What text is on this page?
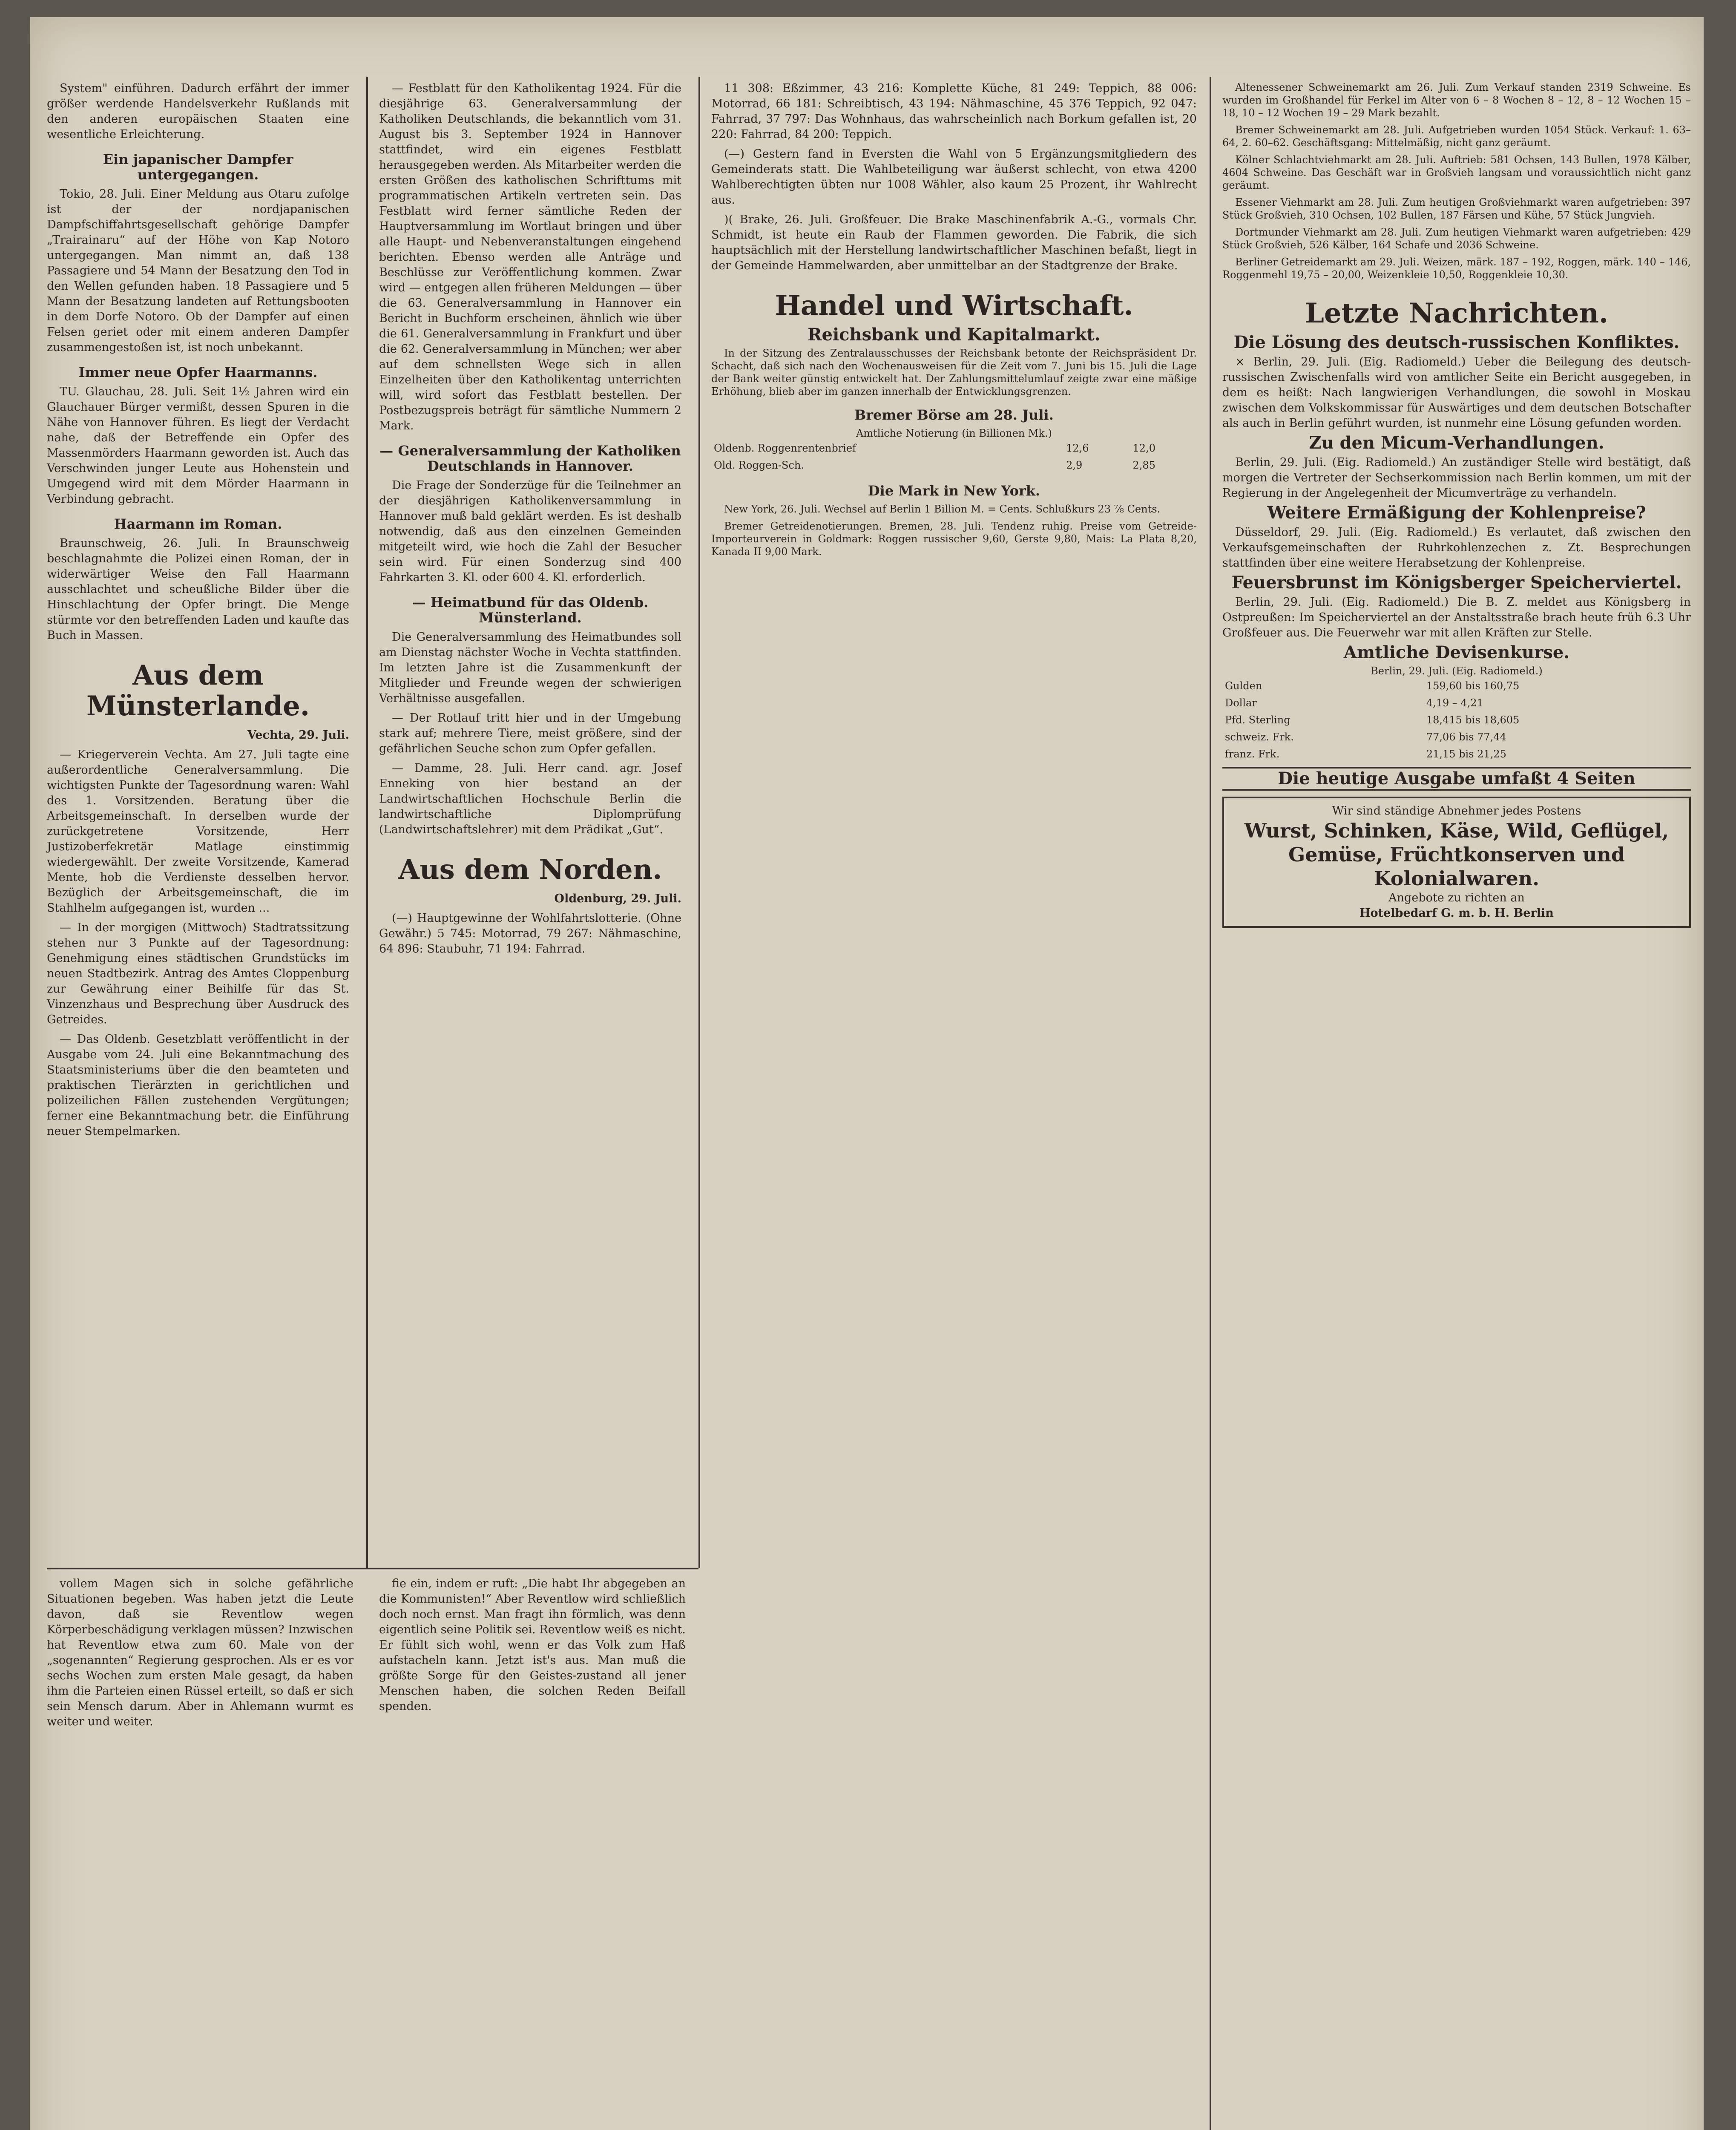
System" einführen. Dadurch erfährt der immer größer werdende Handelsverkehr Rußlands mit den anderen europäischen Staaten eine wesentliche Erleichterung.

Ein japanischer Dampfer untergegangen.

Tokio, 28. Juli. Einer Meldung aus Otaru zufolge ist der der nordjapanischen Dampfschiffahrtsgesellschaft gehörige Dampfer „Trairainaru“ auf der Höhe von Kap Notoro untergegangen. Man nimmt an, daß 138 Passagiere und 54 Mann der Besatzung den Tod in den Wellen gefunden haben. 18 Passagiere und 5 Mann der Besatzung landeten auf Rettungsbooten in dem Dorfe Notoro. Ob der Dampfer auf einen Felsen geriet oder mit einem anderen Dampfer zusammengestoßen ist, ist noch unbekannt.

Immer neue Opfer Haarmanns.

TU. Glauchau, 28. Juli. Seit 1½ Jahren wird ein Glauchauer Bürger vermißt, dessen Spuren in die Nähe von Hannover führen. Es liegt der Verdacht nahe, daß der Betreffende ein Opfer des Massenmörders Haarmann geworden ist. Auch das Verschwinden junger Leute aus Hohenstein und Umgegend wird mit dem Mörder Haarmann in Verbindung gebracht.

Haarmann im Roman.

Braunschweig, 26. Juli. In Braunschweig beschlagnahmte die Polizei einen Roman, der in widerwärtiger Weise den Fall Haarmann ausschlachtet und scheußliche Bilder über die Hinschlachtung der Opfer bringt. Die Menge stürmte vor den betreffenden Laden und kaufte das Buch in Massen.

Aus dem Münsterlande.
Vechta, 29. Juli.

— Kriegerverein Vechta. Am 27. Juli tagte eine außerordentliche Generalversammlung. Die wichtigsten Punkte der Tagesordnung waren: Wahl des 1. Vorsitzenden. Beratung über die Arbeitsgemeinschaft. In derselben wurde der zurückgetretene Vorsitzende, Herr Justizoberfekretär Matlage einstimmig wiedergewählt. Der zweite Vorsitzende, Kamerad Mente, hob die Verdienste desselben hervor. Bezüglich der Arbeitsgemeinschaft, die im Stahlhelm aufgegangen ist, wurden ...

— In der morgigen (Mittwoch) Stadtratssitzung stehen nur 3 Punkte auf der Tagesordnung: Genehmigung eines städtischen Grundstücks im neuen Stadtbezirk. Antrag des Amtes Cloppenburg zur Gewährung einer Beihilfe für das St. Vinzenzhaus und Besprechung über Ausdruck des Getreides.

— Das Oldenb. Gesetzblatt veröffentlicht in der Ausgabe vom 24. Juli eine Bekanntmachung des Staatsministeriums über die den beamteten und praktischen Tierärzten in gerichtlichen und polizeilichen Fällen zustehenden Vergütungen; ferner eine Bekanntmachung betr. die Einführung neuer Stempelmarken.

— Festblatt für den Katholikentag 1924. Für die diesjährige 63. Generalversammlung der Katholiken Deutschlands, die bekanntlich vom 31. August bis 3. September 1924 in Hannover stattfindet, wird ein eigenes Festblatt herausgegeben werden. Als Mitarbeiter werden die ersten Größen des katholischen Schrifttums mit programmatischen Artikeln vertreten sein. Das Festblatt wird ferner sämtliche Reden der Hauptversammlung im Wortlaut bringen und über alle Haupt- und Nebenveranstaltungen eingehend berichten. Ebenso werden alle Anträge und Beschlüsse zur Veröffentlichung kommen. Zwar wird — entgegen allen früheren Meldungen — über die 63. Generalversammlung in Hannover ein Bericht in Buchform erscheinen, ähnlich wie über die 61. Generalversammlung in Frankfurt und über die 62. Generalversammlung in München; wer aber auf dem schnellsten Wege sich in allen Einzelheiten über den Katholikentag unterrichten will, wird sofort das Festblatt bestellen. Der Postbezugspreis beträgt für sämtliche Nummern 2 Mark.

— Generalversammlung der Katholiken Deutschlands in Hannover.

Die Frage der Sonderzüge für die Teilnehmer an der diesjährigen Katholikenversammlung in Hannover muß bald geklärt werden. Es ist deshalb notwendig, daß aus den einzelnen Gemeinden mitgeteilt wird, wie hoch die Zahl der Besucher sein wird. Für einen Sonderzug sind 400 Fahrkarten 3. Kl. oder 600 4. Kl. erforderlich.

— Heimatbund für das Oldenb. Münsterland.

Die Generalversammlung des Heimatbundes soll am Dienstag nächster Woche in Vechta stattfinden. Im letzten Jahre ist die Zusammenkunft der Mitglieder und Freunde wegen der schwierigen Verhältnisse ausgefallen.

— Der Rotlauf tritt hier und in der Umgebung stark auf; mehrere Tiere, meist größere, sind der gefährlichen Seuche schon zum Opfer gefallen.

— Damme, 28. Juli. Herr cand. agr. Josef Enneking von hier bestand an der Landwirtschaftlichen Hochschule Berlin die landwirtschaftliche Diplomprüfung (Landwirtschaftslehrer) mit dem Prädikat „Gut“.

Aus dem Norden.
Oldenburg, 29. Juli.

(—) Hauptgewinne der Wohlfahrtslotterie. (Ohne Gewähr.) 5 745: Motorrad, 79 267: Nähmaschine, 64 896: Staubuhr, 71 194: Fahrrad.

11 308: Eßzimmer, 43 216: Komplette Küche, 81 249: Teppich, 88 006: Motorrad, 66 181: Schreibtisch, 43 194: Nähmaschine, 45 376 Teppich, 92 047: Fahrrad, 37 797: Das Wohnhaus, das wahrscheinlich nach Borkum gefallen ist, 20 220: Fahrrad, 84 200: Teppich.

(—) Gestern fand in Eversten die Wahl von 5 Ergänzungsmitgliedern des Gemeinderats statt. Die Wahlbeteiligung war äußerst schlecht, von etwa 4200 Wahlberechtigten übten nur 1008 Wähler, also kaum 25 Prozent, ihr Wahlrecht aus.

)( Brake, 26. Juli. Großfeuer. Die Brake Maschinenfabrik A.-G., vormals Chr. Schmidt, ist heute ein Raub der Flammen geworden. Die Fabrik, die sich hauptsächlich mit der Herstellung landwirtschaftlicher Maschinen befaßt, liegt in der Gemeinde Hammelwarden, aber unmittelbar an der Stadtgrenze der Brake.

Handel und Wirtschaft.
Reichsbank und Kapitalmarkt.

In der Sitzung des Zentralausschusses der Reichsbank betonte der Reichspräsident Dr. Schacht, daß sich nach den Wochenausweisen für die Zeit vom 7. Juni bis 15. Juli die Lage der Bank weiter günstig entwickelt hat. Der Zahlungsmittelumlauf zeigte zwar eine mäßige Erhöhung, blieb aber im ganzen innerhalb der Entwicklungsgrenzen.

Bremer Börse am 28. Juli.
Amtliche Notierung (in Billionen Mk.)
Oldenb. Roggenrentenbrief	12,6	12,0
Old. Roggen-Sch.	2,9	2,85
Die Mark in New York.

New York, 26. Juli. Wechsel auf Berlin 1 Billion M. = Cents. Schlußkurs 23 ⅞ Cents.

Bremer Getreidenotierungen. Bremen, 28. Juli. Tendenz ruhig. Preise vom Getreide-Importeurverein in Goldmark: Roggen russischer 9,60, Gerste 9,80, Mais: La Plata 8,20, Kanada II 9,00 Mark.

Altenessener Schweinemarkt am 26. Juli. Zum Verkauf standen 2319 Schweine. Es wurden im Großhandel für Ferkel im Alter von 6 – 8 Wochen 8 – 12, 8 – 12 Wochen 15 – 18, 10 – 12 Wochen 19 – 29 Mark bezahlt.

Bremer Schweinemarkt am 28. Juli. Aufgetrieben wurden 1054 Stück. Verkauf: 1. 63–64, 2. 60–62. Geschäftsgang: Mittelmäßig, nicht ganz geräumt.

Kölner Schlachtviehmarkt am 28. Juli. Auftrieb: 581 Ochsen, 143 Bullen, 1978 Kälber, 4604 Schweine. Das Geschäft war in Großvieh langsam und voraussichtlich nicht ganz geräumt.

Essener Viehmarkt am 28. Juli. Zum heutigen Großviehmarkt waren aufgetrieben: 397 Stück Großvieh, 310 Ochsen, 102 Bullen, 187 Färsen und Kühe, 57 Stück Jungvieh.

Dortmunder Viehmarkt am 28. Juli. Zum heutigen Viehmarkt waren aufgetrieben: 429 Stück Großvieh, 526 Kälber, 164 Schafe und 2036 Schweine.

Berliner Getreidemarkt am 29. Juli. Weizen, märk. 187 – 192, Roggen, märk. 140 – 146, Roggenmehl 19,75 – 20,00, Weizenkleie 10,50, Roggenkleie 10,30.

Letzte Nachrichten.
Die Lösung des deutsch-russischen Konfliktes.

× Berlin, 29. Juli. (Eig. Radiomeld.) Ueber die Beilegung des deutsch-russischen Zwischenfalls wird von amtlicher Seite ein Bericht ausgegeben, in dem es heißt: Nach langwierigen Verhandlungen, die sowohl in Moskau zwischen dem Volkskommissar für Auswärtiges und dem deutschen Botschafter als auch in Berlin geführt wurden, ist nunmehr eine Lösung gefunden worden.

Zu den Micum-Verhandlungen.

Berlin, 29. Juli. (Eig. Radiomeld.) An zuständiger Stelle wird bestätigt, daß morgen die Vertreter der Sechserkommission nach Berlin kommen, um mit der Regierung in der Angelegenheit der Micumverträge zu verhandeln.

Weitere Ermäßigung der Kohlenpreise?

Düsseldorf, 29. Juli. (Eig. Radiomeld.) Es verlautet, daß zwischen den Verkaufsgemeinschaften der Ruhrkohlenzechen z. Zt. Besprechungen stattfinden über eine weitere Herabsetzung der Kohlenpreise.

Feuersbrunst im Königsberger Speicherviertel.

Berlin, 29. Juli. (Eig. Radiomeld.) Die B. Z. meldet aus Königsberg in Ostpreußen: Im Speicherviertel an der Anstaltsstraße brach heute früh 6.3 Uhr Großfeuer aus. Die Feuerwehr war mit allen Kräften zur Stelle.

Amtliche Devisenkurse.
Berlin, 29. Juli. (Eig. Radiomeld.)
Gulden	159,60 bis 160,75
Dollar	4,19 – 4,21
Pfd. Sterling	18,415 bis 18,605
schweiz. Frk.	77,06 bis 77,44
franz. Frk.	21,15 bis 21,25
Die heutige Ausgabe umfaßt 4 Seiten
Wir sind ständige Abnehmer jedes Postens
Wurst, Schinken, Käse, Wild, Geflügel, Gemüse, Früchtkonserven und Kolonialwaren.
Angebote zu richten an
Hotelbedarf G. m. b. H. Berlin

vollem Magen sich in solche gefährliche Situationen begeben. Was haben jetzt die Leute davon, daß sie Reventlow wegen Körperbeschädigung verklagen müssen? Inzwischen hat Reventlow etwa zum 60. Male von der „sogenannten“ Regierung gesprochen. Als er es vor sechs Wochen zum ersten Male gesagt, da haben ihm die Parteien einen Rüssel erteilt, so daß er sich sein Mensch darum. Aber in Ahlemann wurmt es weiter und weiter.

fie ein, indem er ruft: „Die habt Ihr abgegeben an die Kommunisten!“ Aber Reventlow wird schließlich doch noch ernst. Man fragt ihn förmlich, was denn eigentlich seine Politik sei. Reventlow weiß es nicht. Er fühlt sich wohl, wenn er das Volk zum Haß aufstacheln kann. Jetzt ist's aus. Man muß die größte Sorge für den Geistes-zustand all jener Menschen haben, die solchen Reden Beifall spenden.
